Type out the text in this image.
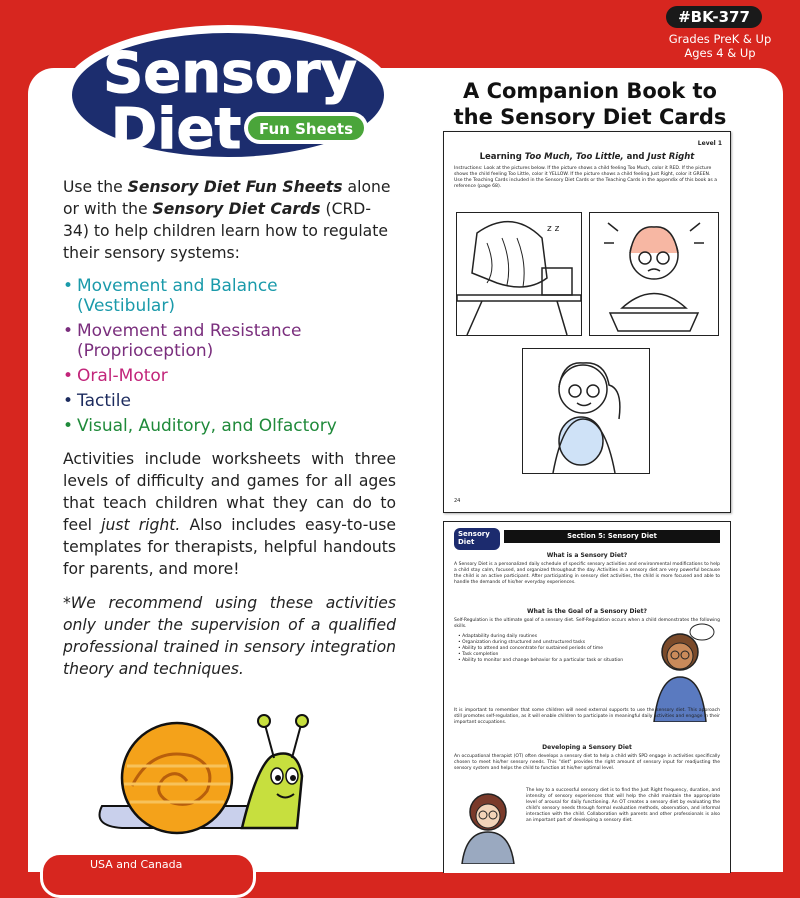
#BK-377
Grades PreK & Up
Ages 4 & Up
Sensory
Diet Fun Sheets

Use the Sensory Diet Fun Sheets alone or with the Sensory Diet Cards (CRD-34) to help children learn how to regulate their sensory systems:

• Movement and Balance
(Vestibular)
• Movement and Resistance
(Proprioception)
• Oral-Motor
• Tactile
• Visual, Auditory, and Olfactory

Activities include worksheets with three levels of difficulty and games for all ages that teach children what they can do to feel just right. Also includes easy-to-use templates for therapists, helpful handouts for parents, and more!

*We recommend using these activities only under the supervision of a qualified professional trained in sensory integration theory and techniques.

USA and Canada
A Companion Book to
the Sensory Diet Cards
Level 1
Learning Too Much, Too Little, and Just Right
Instructions: Look at the pictures below. If the picture shows a child feeling Too Much, color it RED. If the picture shows the child feeling Too Little, color it YELLOW. If the picture shows a child feeling Just Right, color it GREEN. Use the Teaching Cards included in the Sensory Diet Cards or the Teaching Cards in the appendix of this book as a reference (page 68).
z z
24
Sensory
Diet
Section 5: Sensory Diet
What is a Sensory Diet?
A Sensory Diet is a personalized daily schedule of specific sensory activities and environmental modifications to help a child stay calm, focused, and organized throughout the day. Activities in a sensory diet are very powerful because the child is an active participant. After participating in sensory diet activities, the child is more focused and able to handle the demands of his/her everyday experiences.
What is the Goal of a Sensory Diet?
Self-Regulation is the ultimate goal of a sensory diet. Self-Regulation occurs when a child demonstrates the following skills.
• Adaptability during daily routines
• Organization during structured and unstructured tasks
• Ability to attend and concentrate for sustained periods of time
• Task completion
• Ability to monitor and change behavior for a particular task or situation
It is important to remember that some children will need external supports to use the sensory diet. This approach still promotes self-regulation, as it will enable children to participate in meaningful daily activities and engage in their important occupations.
Developing a Sensory Diet
An occupational therapist (OT) often develops a sensory diet to help a child with SPD engage in activities specifically chosen to meet his/her sensory needs. This "diet" provides the right amount of sensory input for readjusting the sensory system and helps the child to function at his/her optimal level.
The key to a successful sensory diet is to find the Just Right frequency, duration, and intensity of sensory experiences that will help the child maintain the appropriate level of arousal for daily functioning. An OT creates a sensory diet by evaluating the child's sensory needs through formal evaluation methods, observation, and informal interaction with the child. Collaboration with parents and other professionals is also an important part of developing a sensory diet.
